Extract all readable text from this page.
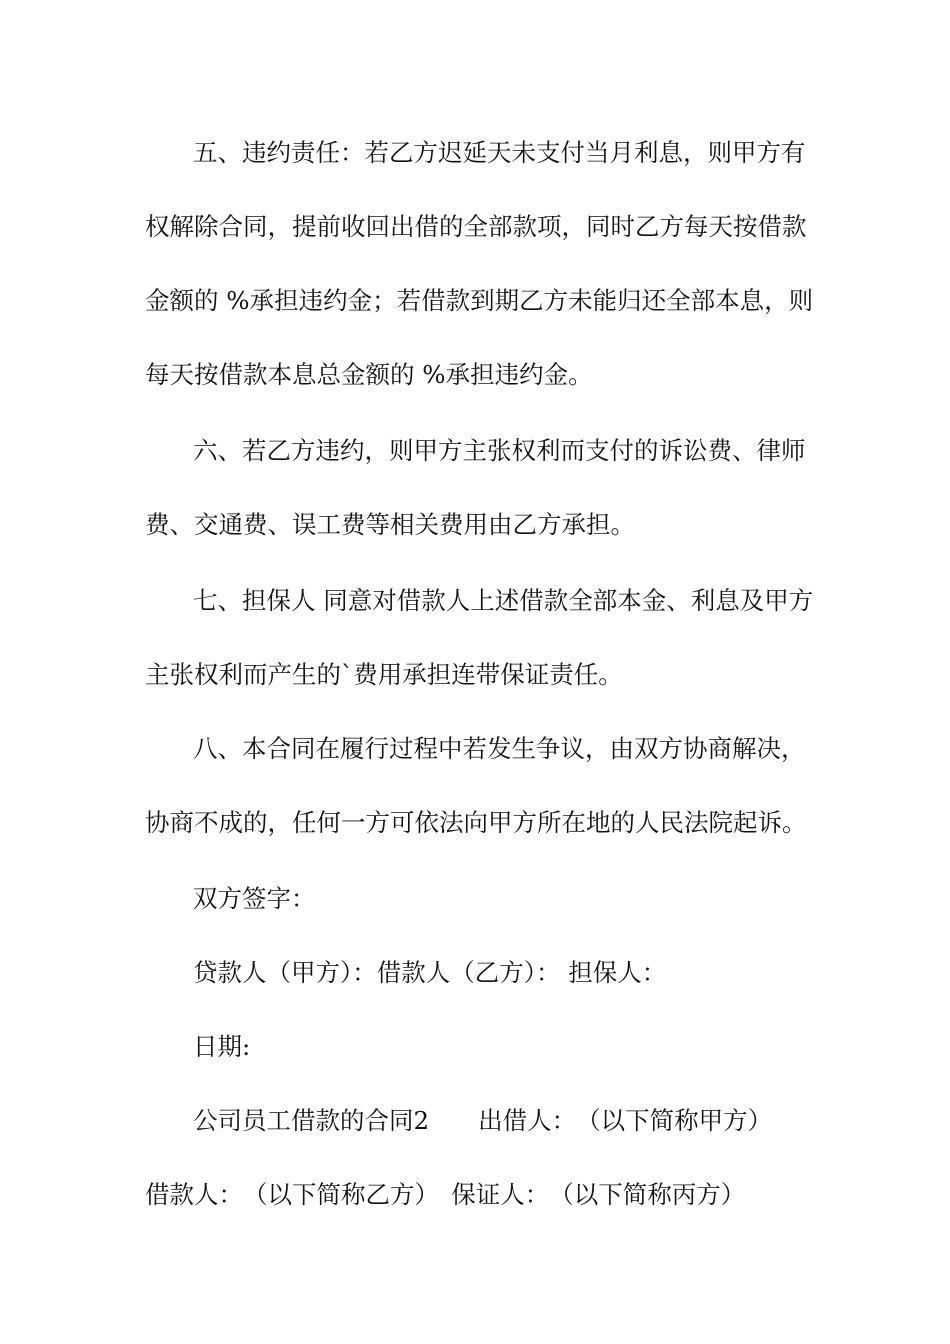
五、违约责任：若乙方迟延天未支付当月利息，则甲方有
权解除合同，提前收回出借的全部款项，同时乙方每天按借款
金额的 %承担违约金；若借款到期乙方未能归还全部本息，则
每天按借款本息总金额的 %承担违约金。
六、若乙方违约，则甲方主张权利而支付的诉讼费、律师
费、交通费、误工费等相关费用由乙方承担。
七、担保人 同意对借款人上述借款全部本金、利息及甲方
主张权利而产生的`费用承担连带保证责任。
八、本合同在履行过程中若发生争议，由双方协商解决，
协商不成的，任何一方可依法向甲方所在地的人民法院起诉。
双方签字：
贷款人（甲方）：借款人（乙方）： 担保人：
日期:
公司员工借款的合同2　　出借人：　（以下简称甲方）
借款人：　（以下简称乙方）　保证人：　（以下简称丙方）
